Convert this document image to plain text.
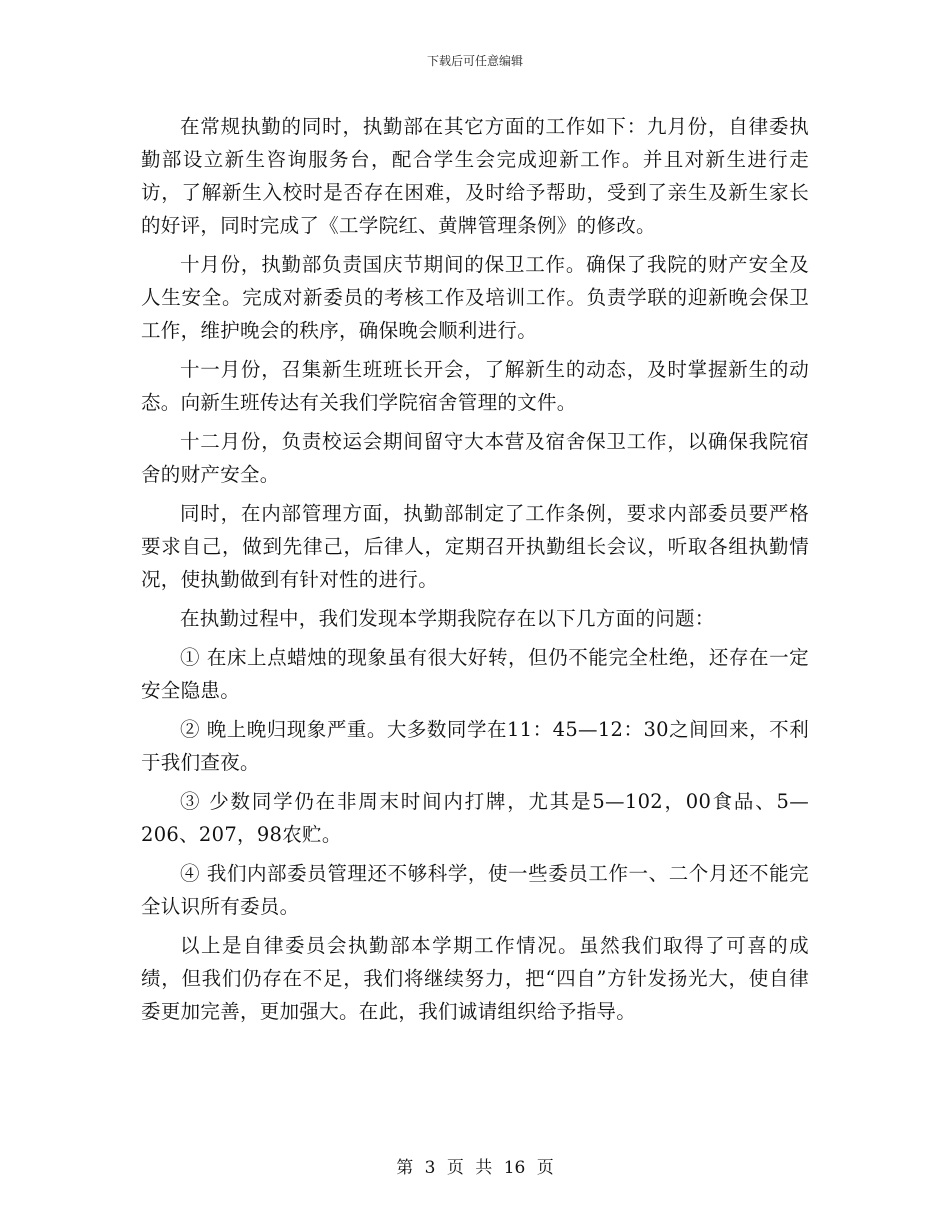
下载后可任意编辑

在常规执勤的同时，执勤部在其它方面的工作如下：九月份，自律委执勤部设立新生咨询服务台，配合学生会完成迎新工作。并且对新生进行走访，了解新生入校时是否存在困难，及时给予帮助，受到了亲生及新生家长的好评，同时完成了《工学院红、黄牌管理条例》的修改。

十月份，执勤部负责国庆节期间的保卫工作。确保了我院的财产安全及人生安全。完成对新委员的考核工作及培训工作。负责学联的迎新晚会保卫工作，维护晚会的秩序，确保晚会顺利进行。

十一月份，召集新生班班长开会，了解新生的动态，及时掌握新生的动态。向新生班传达有关我们学院宿舍管理的文件。

十二月份，负责校运会期间留守大本营及宿舍保卫工作，以确保我院宿舍的财产安全。

同时，在内部管理方面，执勤部制定了工作条例，要求内部委员要严格要求自己，做到先律己，后律人，定期召开执勤组长会议，听取各组执勤情况，使执勤做到有针对性的进行。

在执勤过程中，我们发现本学期我院存在以下几方面的问题：

① 在床上点蜡烛的现象虽有很大好转，但仍不能完全杜绝，还存在一定安全隐患。

② 晚上晚归现象严重。大多数同学在11：45—12：30之间回来，不利于我们查夜。

③ 少数同学仍在非周末时间内打牌，尤其是5—102，00食品、5—206、207，98农贮。

④ 我们内部委员管理还不够科学，使一些委员工作一、二个月还不能完全认识所有委员。

以上是自律委员会执勤部本学期工作情况。虽然我们取得了可喜的成绩，但我们仍存在不足，我们将继续努力，把“四自”方针发扬光大，使自律委更加完善，更加强大。在此，我们诚请组织给予指导。

第 3 页 共 16 页
